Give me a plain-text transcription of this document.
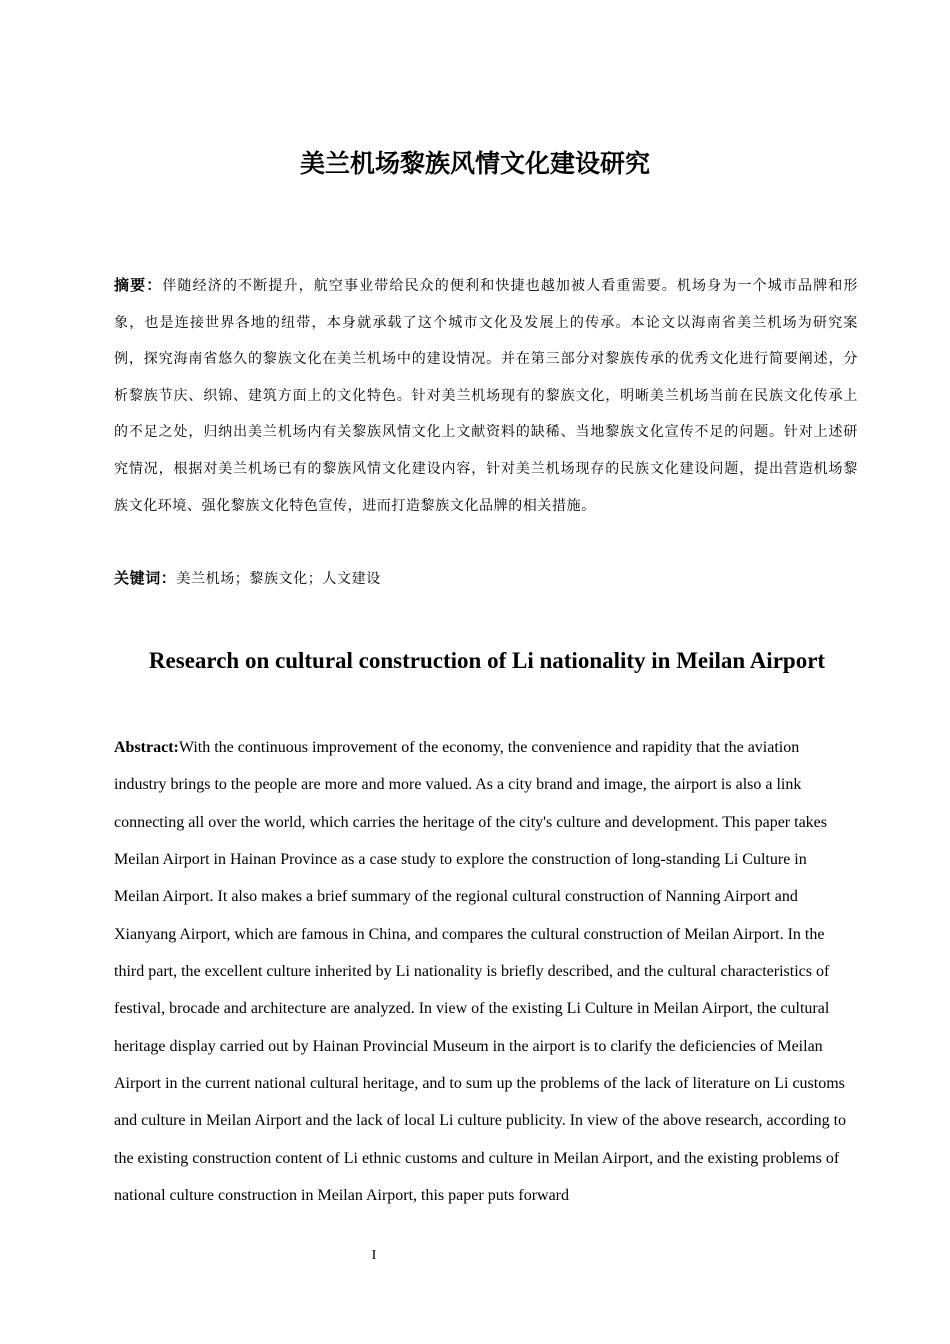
美兰机场黎族风情文化建设研究

摘要：伴随经济的不断提升，航空事业带给民众的便利和快捷也越加被人看重需要。机场身为一个城市品牌和形象，也是连接世界各地的纽带，本身就承载了这个城市文化及发展上的传承。本论文以海南省美兰机场为研究案例，探究海南省悠久的黎族文化在美兰机场中的建设情况。并在第三部分对黎族传承的优秀文化进行简要阐述，分析黎族节庆、织锦、建筑方面上的文化特色。针对美兰机场现有的黎族文化，明晰美兰机场当前在民族文化传承上的不足之处，归纳出美兰机场内有关黎族风情文化上文献资料的缺稀、当地黎族文化宣传不足的问题。针对上述研究情况，根据对美兰机场已有的黎族风情文化建设内容，针对美兰机场现存的民族文化建设问题，提出营造机场黎族文化环境、强化黎族文化特色宣传，进而打造黎族文化品牌的相关措施。

关键词：美兰机场；黎族文化；人文建设

Research on cultural construction of Li nationality in Meilan Airport

Abstract:With the continuous improvement of the economy, the convenience and rapidity that the aviation industry brings to the people are more and more valued. As a city brand and image, the airport is also a link connecting all over the world, which carries the heritage of the city's culture and development. This paper takes Meilan Airport in Hainan Province as a case study to explore the construction of long-standing Li Culture in Meilan Airport. It also makes a brief summary of the regional cultural construction of Nanning Airport and Xianyang Airport, which are famous in China, and compares the cultural construction of Meilan Airport. In the third part, the excellent culture inherited by Li nationality is briefly described, and the cultural characteristics of festival, brocade and architecture are analyzed. In view of the existing Li Culture in Meilan Airport, the cultural heritage display carried out by Hainan Provincial Museum in the airport is to clarify the deficiencies of Meilan Airport in the current national cultural heritage, and to sum up the problems of the lack of literature on Li customs and culture in Meilan Airport and the lack of local Li culture publicity. In view of the above research, according to the existing construction content of Li ethnic customs and culture in Meilan Airport, and the existing problems of national culture construction in Meilan Airport, this paper puts forward

I
